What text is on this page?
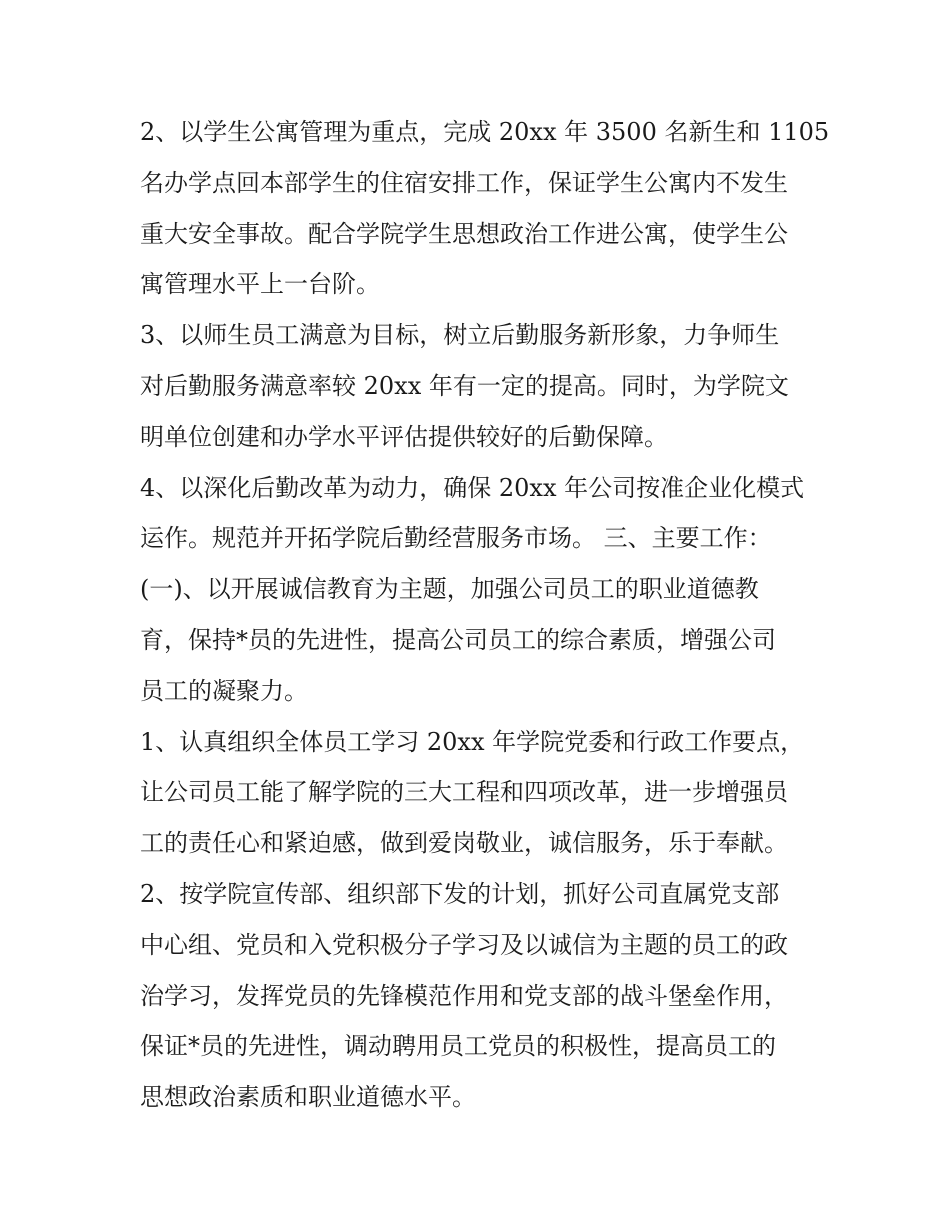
2、以学生公寓管理为重点，完成 20xx 年 3500 名新生和 1105
名办学点回本部学生的住宿安排工作，保证学生公寓内不发生
重大安全事故。配合学院学生思想政治工作进公寓，使学生公
寓管理水平上一台阶。
3、以师生员工满意为目标，树立后勤服务新形象，力争师生
对后勤服务满意率较 20xx 年有一定的提高。同时，为学院文
明单位创建和办学水平评估提供较好的后勤保障。
4、以深化后勤改革为动力，确保 20xx 年公司按准企业化模式
运作。规范并开拓学院后勤经营服务市场。 三、主要工作：
(一)、以开展诚信教育为主题，加强公司员工的职业道德教
育，保持*员的先进性，提高公司员工的综合素质，增强公司
员工的凝聚力。
1、认真组织全体员工学习 20xx 年学院党委和行政工作要点，
让公司员工能了解学院的三大工程和四项改革，进一步增强员
工的责任心和紧迫感，做到爱岗敬业，诚信服务，乐于奉献。
2、按学院宣传部、组织部下发的计划，抓好公司直属党支部
中心组、党员和入党积极分子学习及以诚信为主题的员工的政
治学习，发挥党员的先锋模范作用和党支部的战斗堡垒作用，
保证*员的先进性，调动聘用员工党员的积极性，提高员工的
思想政治素质和职业道德水平。
